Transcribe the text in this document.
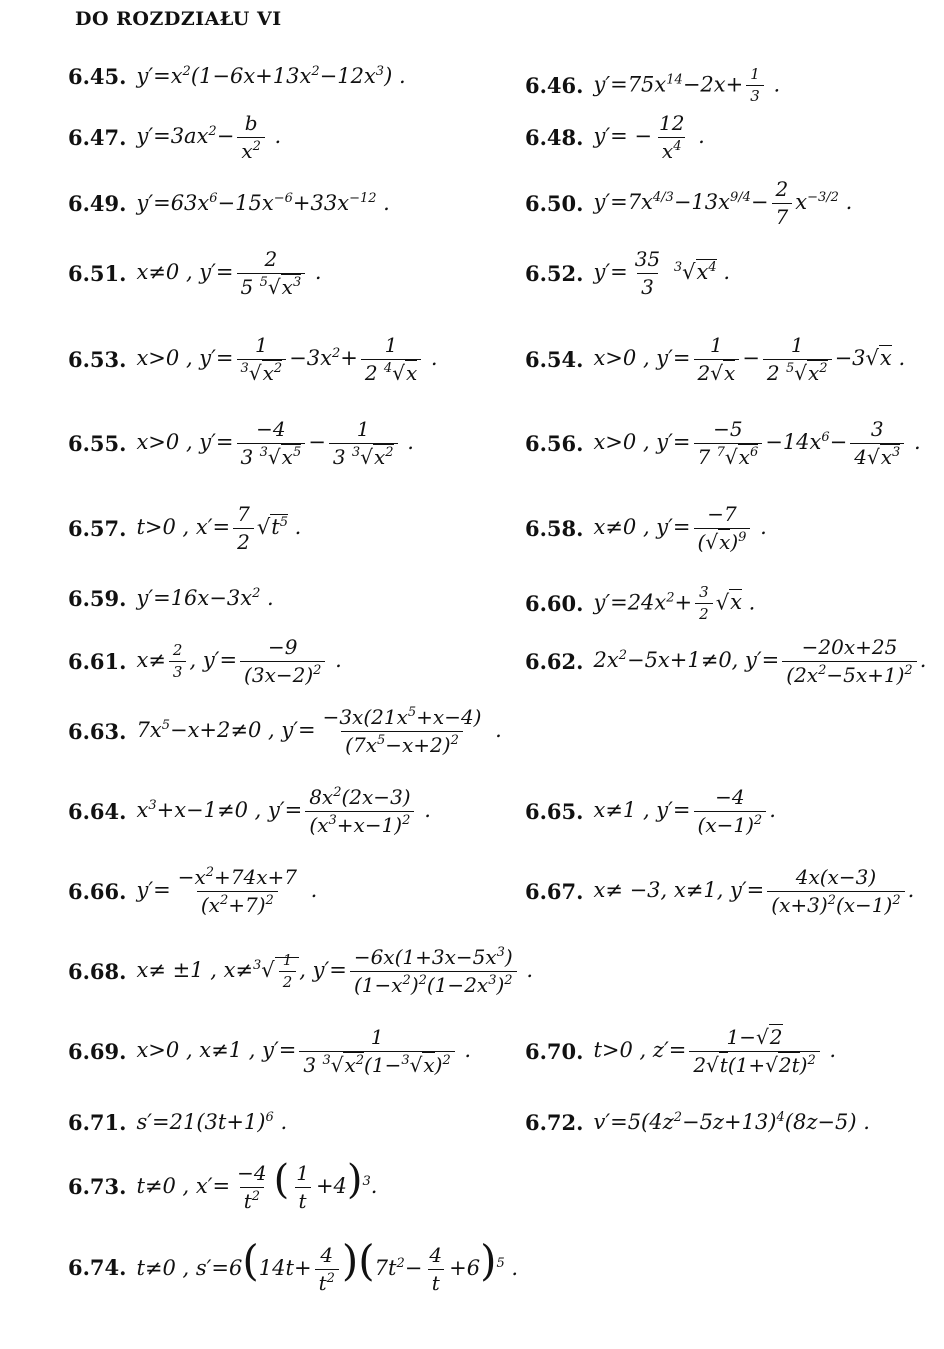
DO ROZDZIAŁU VI
6.45. $y'=x^2(1-6x+13x^2-12x^3)$ .	6.46. $y'=75x^{14}-2x+ \frac{1}{3}$ .
6.47. $y'=3ax^2- \frac{b}{x^2}$ .	6.48. $y'= - \frac{12}{x^4}$ .
6.49. $y'=63x^6-15x^{-6}+33x^{-12}$ .	6.50. $y'=7x^{4/3}-13x^{9/4}- \frac{2}{7} x^{-3/2}$ .
6.51. x≠0 , $y'= \frac{2}{5 ^5√x^3}$ .	6.52. $y'= \frac{35}{3} ^3√x^4$ .
6.53. x>0 , $y'= \frac{1}{^3√x^2} -3x^2+ \frac{1}{2 ^4√x}$ .	6.54. x>0 , $y'= \frac{1}{2√x} - \frac{1}{2 ^5√x^2} -3√x$ .
6.55. x>0 , $y'= \frac{-4}{3 ^3√x^5} - \frac{1}{3 ^3√x^2}$ .	6.56. x>0 , $y'= \frac{-5}{7 ^7√x^6} -14x^6- \frac{3}{4√x^3}$ .
6.57. t>0 , $x'= \frac{7}{2} √t^5$ .	6.58. x≠0 , $y'= \frac{-7}{(√x)^9}$ .
6.59. $y'=16x-3x^2$ .	6.60. $y'=24x^2+ \frac{3}{2} √x$ .
6.61. $x\ne \frac{2}{3}$ , $y'= \frac{-9}{(3x-2)^2}$ .	6.62. $2x^2-5x+1\ne 0$, $y'= \frac{-20x+25}{(2x^2-5x+1)^2}$ .
6.63. $7x^5-x+2\ne 0$ , $y'= \frac{-3x(21x^5+x-4)}{(7x^5-x+2)^2}$ .
6.64. $x^3+x-1\ne 0$ , $y'= \frac{8x^2(2x-3)}{(x^3+x-1)^2}$ .	6.65. x≠1 , $y'= \frac{-4}{(x-1)^2}$ .
6.66. $y'= \frac{-x^2+74x+7}{(x^2+7)^2}$ .	6.67. x≠ −3, x≠1, $y'= \frac{4x(x-3)}{(x+3)^2(x-1)^2}$ .
6.68. x≠ ±1 , $x\ne^3√ \frac{1}{2}$ , $y'= \frac{-6x(1+3x-5x^3)}{(1-x^2)^2(1-2x^3)^2}$ .
6.69. x>0 , x≠1 , $y'= \frac{1}{3 ^3√x^2(1-^3√x)^2}$ .	6.70. t>0 , $z'= \frac{1-√2}{2√t(1+√2t)^2}$ .
6.71. $s'=21(3t+1)^6$ .	6.72. $v'=5(4z^2-5z+13)^4(8z-5)$ .
6.73. t≠0 , $x'= \frac{-4}{t^2}$ ( $\frac{1}{t} +4)^3$.
6.74. t≠0 , $s'=6(14t+ \frac{4}{t^2} )(7t^2- \frac{4}{t} +6)^5$ .
